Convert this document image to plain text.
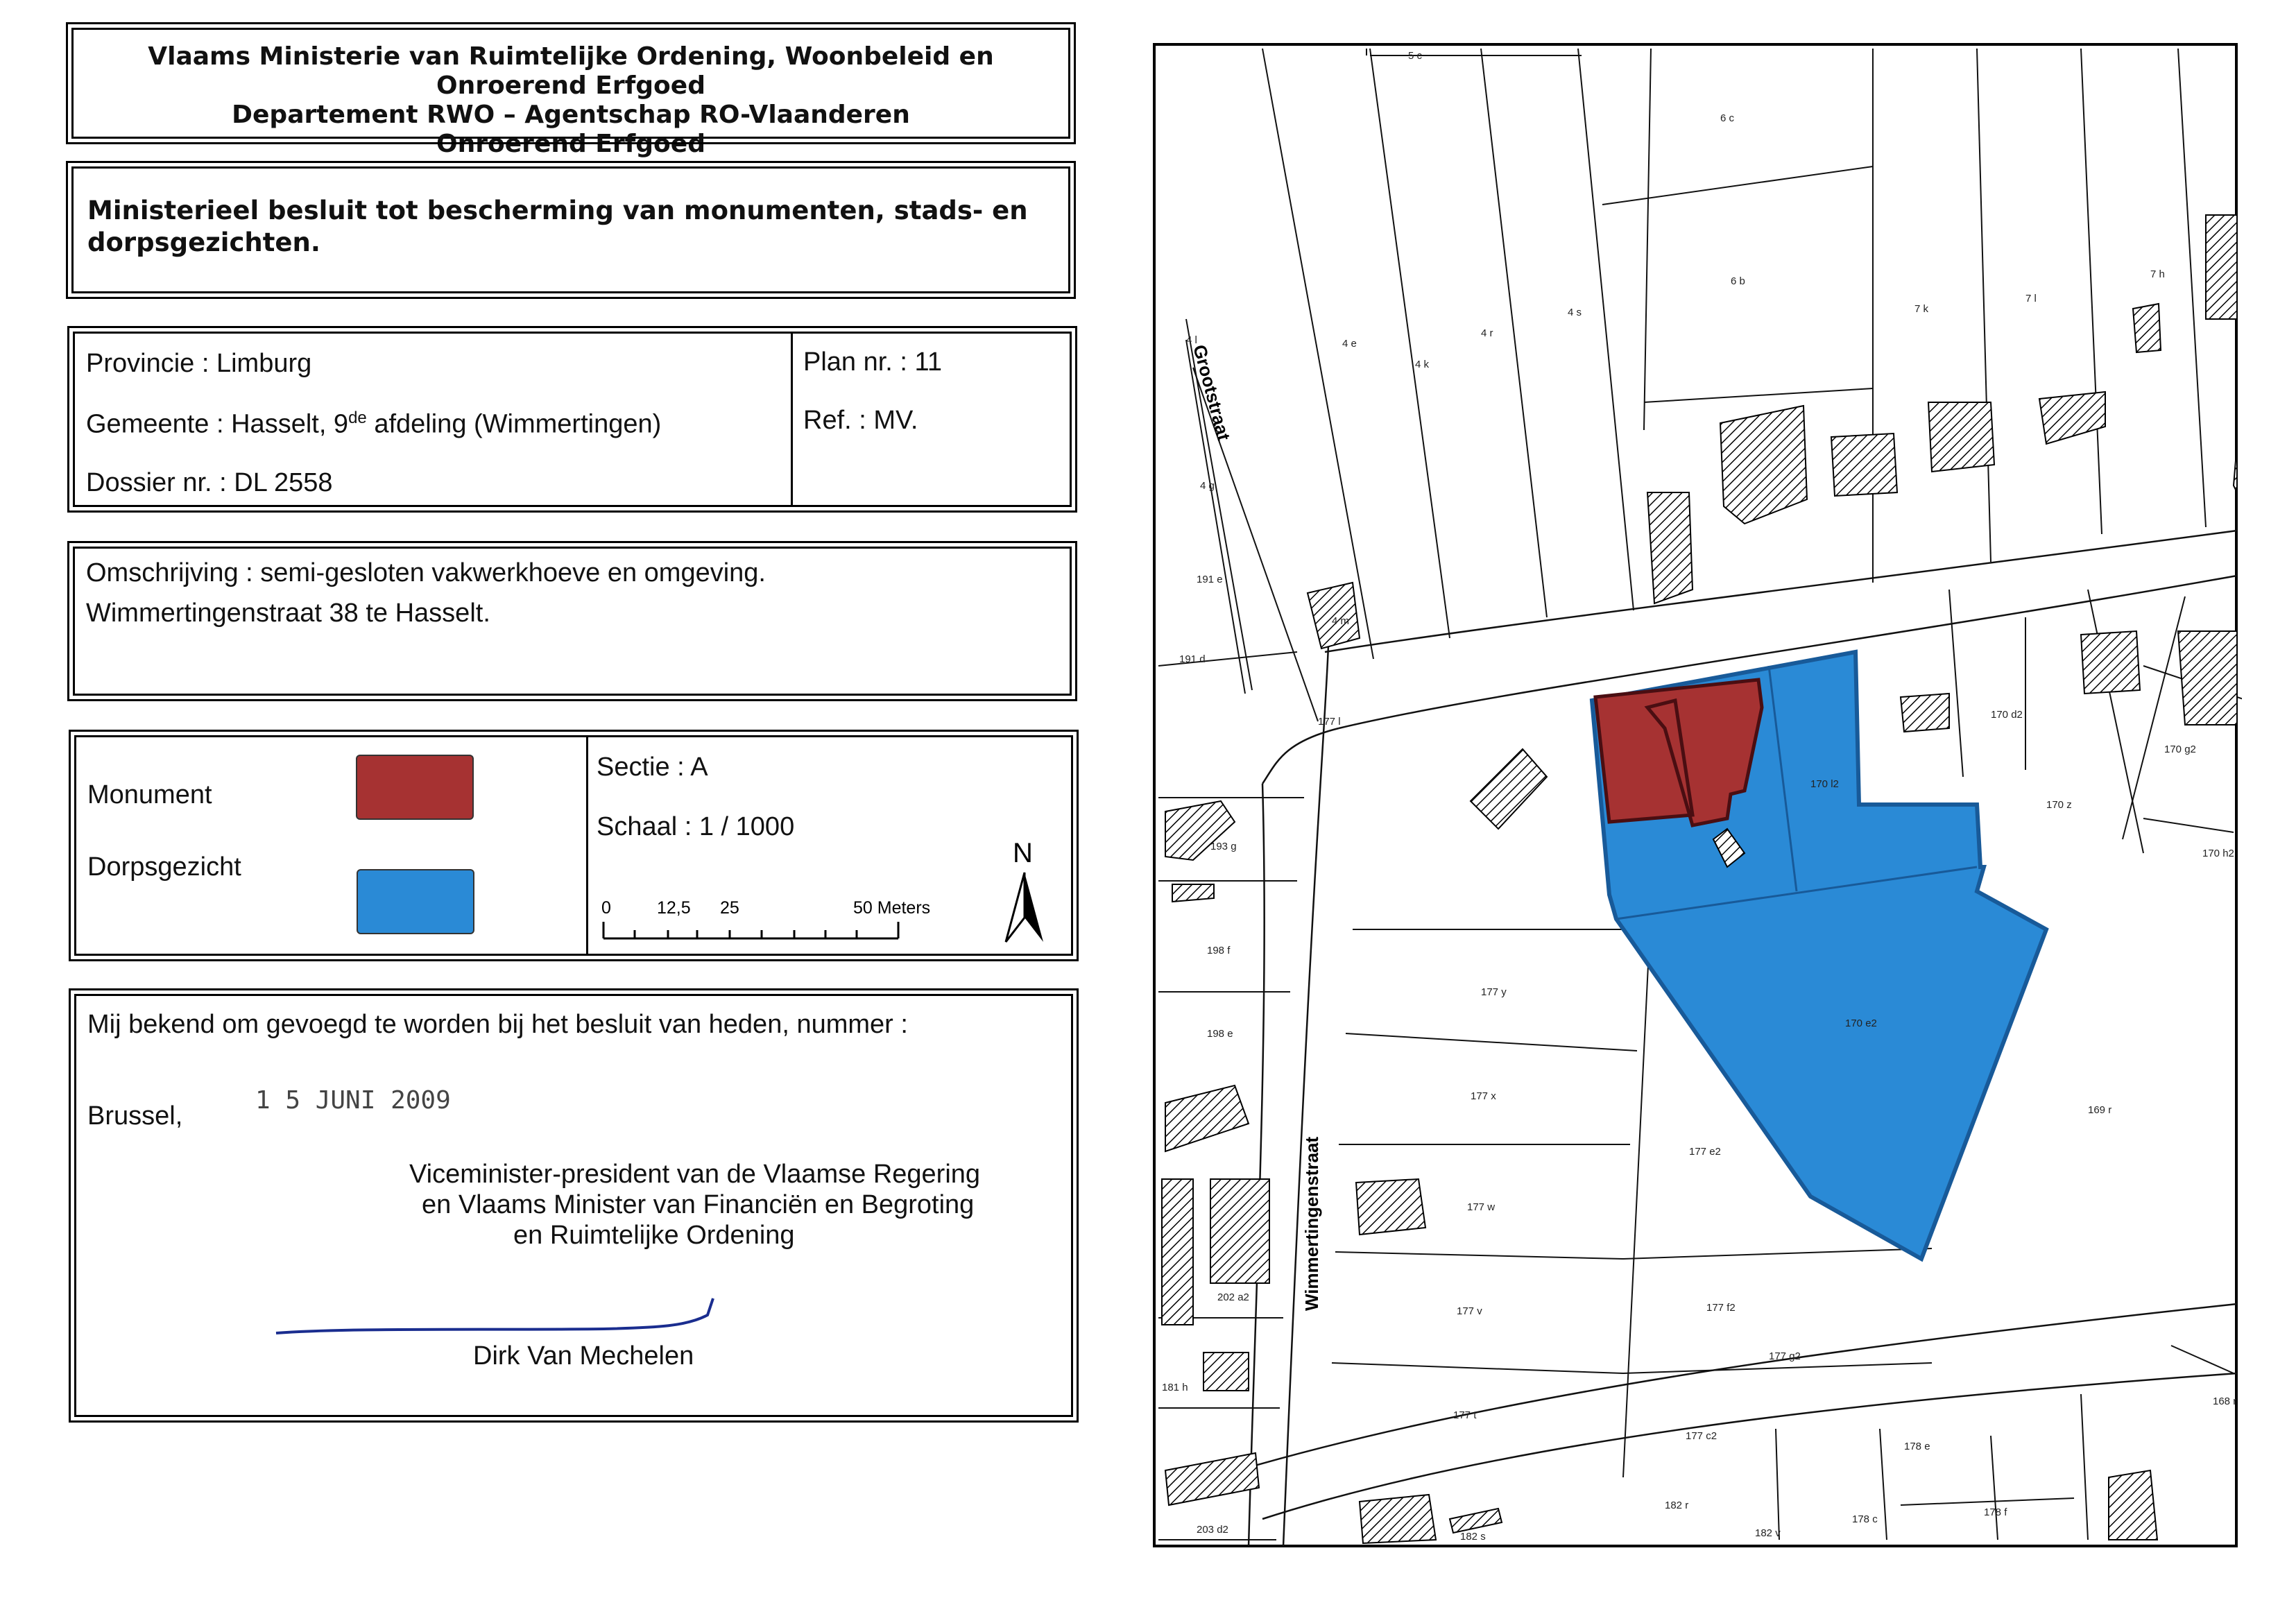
Vlaams Ministerie van Ruimtelijke Ordening, Woonbeleid en Onroerend Erfgoed
Departement RWO – Agentschap RO-Vlaanderen
Onroerend Erfgoed
Ministerieel besluit tot bescherming van monumenten, stads- en
dorpsgezichten.
Provincie : Limburg
Gemeente : Hasselt, 9de afdeling (Wimmertingen)
Dossier nr. : DL 2558
Plan nr. : 11
Ref. : MV.
Omschrijving : semi-gesloten vakwerkhoeve en omgeving.
Wimmertingenstraat 38 te Hasselt.
Monument
Dorpsgezicht
Sectie : A
Schaal : 1 / 1000
0	12,5 25	50 Meters
N
Mij bekend om gevoegd te worden bij het besluit van heden, nummer :
Brussel,
1 5 JUNI 2009
Viceminister-president van de Vlaamse Regering
en Vlaams Minister van Financiën en Begroting
en Ruimtelijke Ordening
Dirk Van Mechelen
Grootstraat
Wimmertingenstraat
5 c
6 c
6 b
7 k
7 l
7 h
4 e
4 k
4 r
4 s
4 l
4 g
191 e
191 d
4 m
177 l
193 g
198 f
198 e
177 y
177 x
177 w
177 v
177 t
202 a2
181 h
203 d2
170 d2
170 g2
170 z
170 h2
170 l2
170 e2
169 r
177 e2
177 f2
177 g2
177 c2
182 r
182 s	182 v
178 c
178 e
178 f
168 r
